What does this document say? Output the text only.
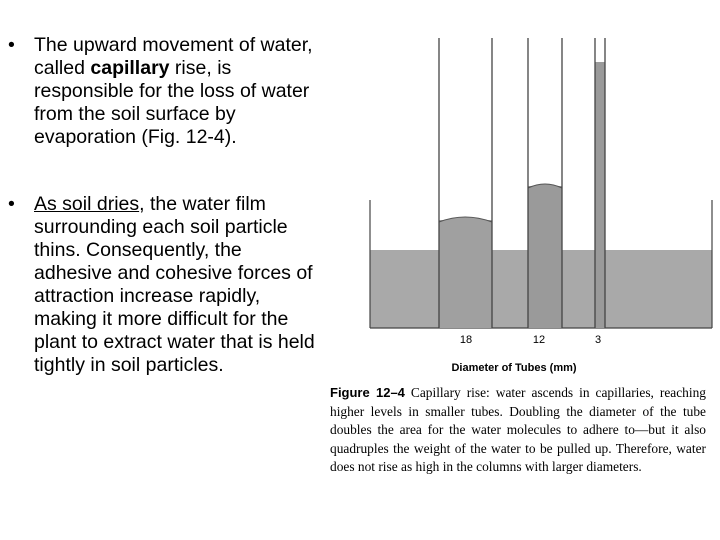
• The upward movement of water, called capillary rise, is responsible for the loss of water from the soil surface by evaporation (Fig. 12-4).
• As soil dries, the water film surrounding each soil particle thins. Consequently, the adhesive and cohesive forces of attraction increase rapidly, making it more difficult for the plant to extract water that is held tightly in soil particles.
18	12	3
Diameter of Tubes (mm)
Figure 12–4 Capillary rise: water ascends in capillaries, reaching higher levels in smaller tubes. Doubling the diameter of the tube doubles the area for the water molecules to adhere to—but it also quadruples the weight of the water to be pulled up. Therefore, water does not rise as high in the columns with larger diameters.
